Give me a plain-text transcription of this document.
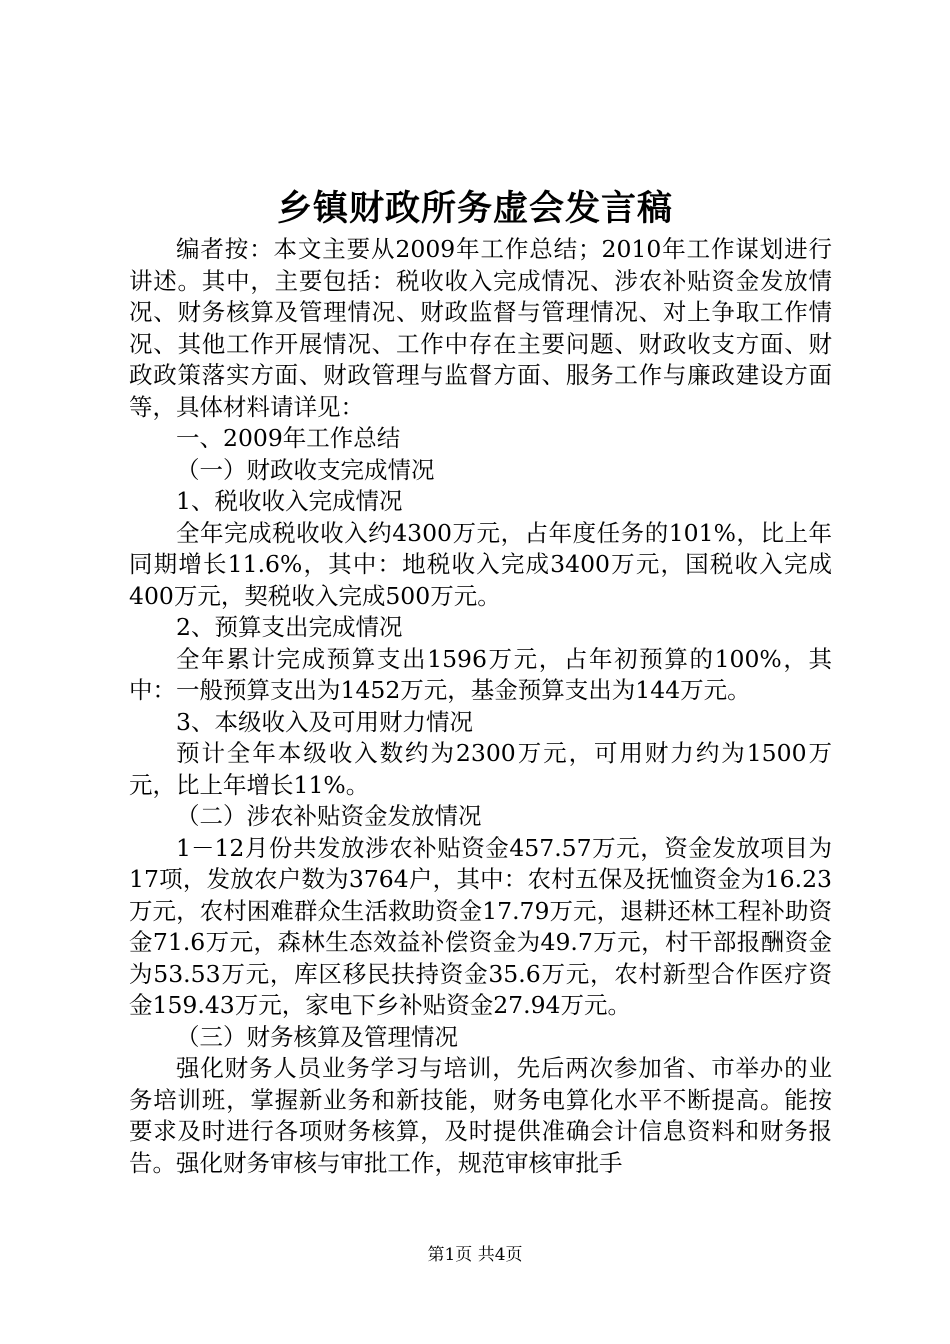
乡镇财政所务虚会发言稿

编者按：本文主要从2009年工作总结；2010年工作谋划进行讲述。其中，主要包括：税收收入完成情况、涉农补贴资金发放情况、财务核算及管理情况、财政监督与管理情况、对上争取工作情况、其他工作开展情况、工作中存在主要问题、财政收支方面、财政政策落实方面、财政管理与监督方面、服务工作与廉政建设方面等，具体材料请详见：

一、2009年工作总结

（一）财政收支完成情况

1、税收收入完成情况

全年完成税收收入约4300万元，占年度任务的101%，比上年同期增长11.6%，其中：地税收入完成3400万元，国税收入完成400万元，契税收入完成500万元。

2、预算支出完成情况

全年累计完成预算支出1596万元，占年初预算的100%，其中：一般预算支出为1452万元，基金预算支出为144万元。

3、本级收入及可用财力情况

预计全年本级收入数约为2300万元，可用财力约为1500万元，比上年增长11%。

（二）涉农补贴资金发放情况

1－12月份共发放涉农补贴资金457.57万元，资金发放项目为17项，发放农户数为3764户，其中：农村五保及抚恤资金为16.23万元，农村困难群众生活救助资金17.79万元，退耕还林工程补助资金71.6万元，森林生态效益补偿资金为49.7万元，村干部报酬资金为53.53万元，库区移民扶持资金35.6万元，农村新型合作医疗资金159.43万元，家电下乡补贴资金27.94万元。

（三）财务核算及管理情况

强化财务人员业务学习与培训，先后两次参加省、市举办的业务培训班，掌握新业务和新技能，财务电算化水平不断提高。能按要求及时进行各项财务核算，及时提供准确会计信息资料和财务报告。强化财务审核与审批工作，规范审核审批手

第1页 共4页
